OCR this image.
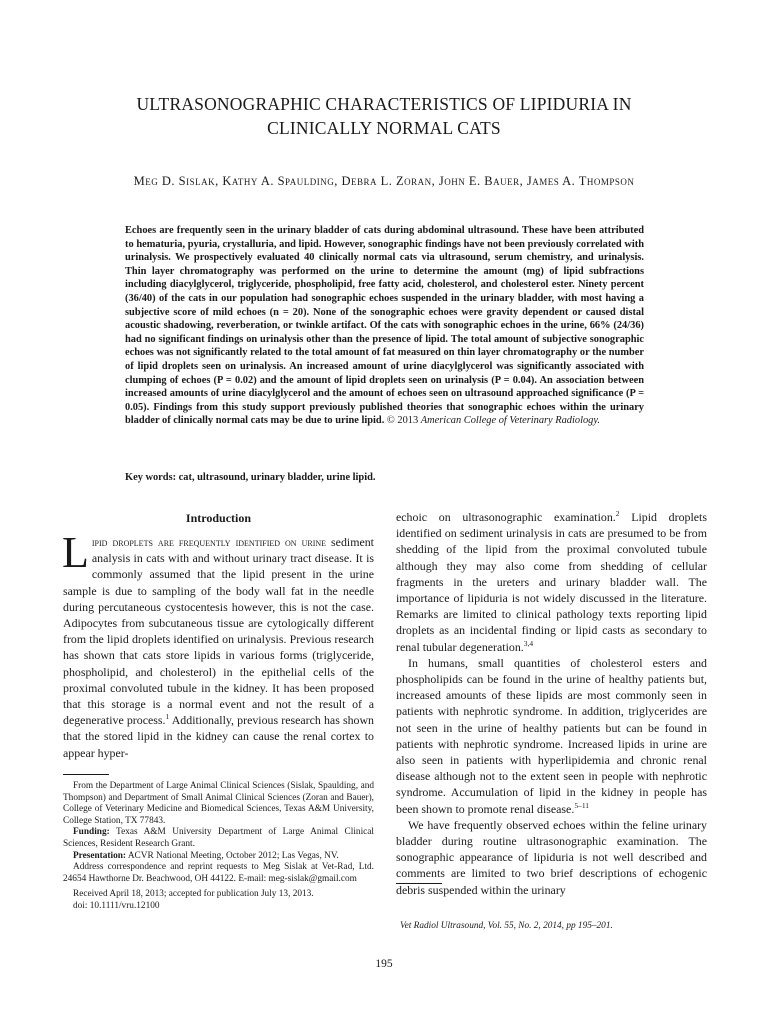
ULTRASONOGRAPHIC CHARACTERISTICS OF LIPIDURIA IN
CLINICALLY NORMAL CATS

Meg D. Sislak, Kathy A. Spaulding, Debra L. Zoran, John E. Bauer, James A. Thompson

Echoes are frequently seen in the urinary bladder of cats during abdominal ultrasound. These have been attributed to hematuria, pyuria, crystalluria, and lipid. However, sonographic findings have not been previously correlated with urinalysis. We prospectively evaluated 40 clinically normal cats via ultrasound, serum chemistry, and urinalysis. Thin layer chromatography was performed on the urine to determine the amount (mg) of lipid subfractions including diacylglycerol, triglyceride, phospholipid, free fatty acid, cholesterol, and cholesterol ester. Ninety percent (36/40) of the cats in our population had sonographic echoes suspended in the urinary bladder, with most having a subjective score of mild echoes (n = 20). None of the sonographic echoes were gravity dependent or caused distal acoustic shadowing, reverberation, or twinkle artifact. Of the cats with sonographic echoes in the urine, 66% (24/36) had no significant findings on urinalysis other than the presence of lipid. The total amount of subjective sonographic echoes was not significantly related to the total amount of fat measured on thin layer chromatography or the number of lipid droplets seen on urinalysis. An increased amount of urine diacylglycerol was significantly associated with clumping of echoes (P = 0.02) and the amount of lipid droplets seen on urinalysis (P = 0.04). An association between increased amounts of urine diacylglycerol and the amount of echoes seen on ultrasound approached significance (P = 0.05). Findings from this study support previously published theories that sonographic echoes within the urinary bladder of clinically normal cats may be due to urine lipid. © 2013 American College of Veterinary Radiology.

Key words: cat, ultrasound, urinary bladder, urine lipid.

Introduction

Lipid droplets are frequently identified on urine sediment analysis in cats with and without urinary tract disease. It is commonly assumed that the lipid present in the urine sample is due to sampling of the body wall fat in the needle during percutaneous cystocentesis however, this is not the case. Adipocytes from subcutaneous tissue are cytologically different from the lipid droplets identified on urinalysis. Previous research has shown that cats store lipids in various forms (triglyceride, phospholipid, and cholesterol) in the epithelial cells of the proximal convoluted tubule in the kidney. It has been proposed that this storage is a normal event and not the result of a degenerative process.$^1$ Additionally, previous research has shown that the stored lipid in the kidney can cause the renal cortex to appear hyper-

From the Department of Large Animal Clinical Sciences (Sislak, Spaulding, and Thompson) and Department of Small Animal Clinical Sciences (Zoran and Bauer), College of Veterinary Medicine and Biomedical Sciences, Texas A&M University, College Station, TX 77843.

Funding: Texas A&M University Department of Large Animal Clinical Sciences, Resident Research Grant.

Presentation: ACVR National Meeting, October 2012; Las Vegas, NV.

Address correspondence and reprint requests to Meg Sislak at Vet-Rad, Ltd. 24654 Hawthorne Dr. Beachwood, OH 44122. E-mail: meg-sislak@gmail.com

Received April 18, 2013; accepted for publication July 13, 2013.

doi: 10.1111/vru.12100

echoic on ultrasonographic examination.$^2$ Lipid droplets identified on sediment urinalysis in cats are presumed to be from shedding of the lipid from the proximal convoluted tubule although they may also come from shedding of cellular fragments in the ureters and urinary bladder wall. The importance of lipiduria is not widely discussed in the literature. Remarks are limited to clinical pathology texts reporting lipid droplets as an incidental finding or lipid casts as secondary to renal tubular degeneration.$^{3,4}$

In humans, small quantities of cholesterol esters and phospholipids can be found in the urine of healthy patients but, increased amounts of these lipids are most commonly seen in patients with nephrotic syndrome. In addition, triglycerides are not seen in the urine of healthy patients but can be found in patients with nephrotic syndrome. Increased lipids in urine are also seen in patients with hyperlipidemia and chronic renal disease although not to the extent seen in people with nephrotic syndrome. Accumulation of lipid in the kidney in people has been shown to promote renal disease.$^{5-11}$

We have frequently observed echoes within the feline urinary bladder during routine ultrasonographic examination. The sonographic appearance of lipiduria is not well described and comments are limited to two brief descriptions of echogenic debris suspended within the urinary

Vet Radiol Ultrasound, Vol. 55, No. 2, 2014, pp 195–201.

195
